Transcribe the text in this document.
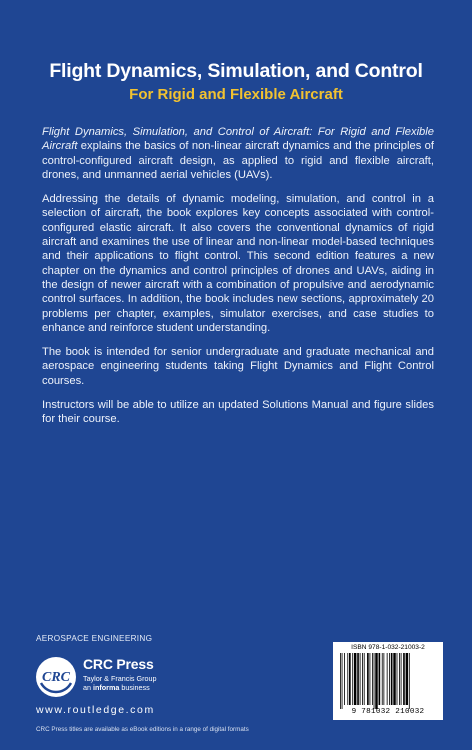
Flight Dynamics, Simulation, and Control
For Rigid and Flexible Aircraft

Flight Dynamics, Simulation, and Control of Aircraft: For Rigid and Flexible Aircraft explains the basics of non-linear aircraft dynamics and the principles of control-configured aircraft design, as applied to rigid and flexible aircraft, drones, and unmanned aerial vehicles (UAVs).

Addressing the details of dynamic modeling, simulation, and control in a selection of aircraft, the book explores key concepts associated with control-configured elastic aircraft. It also covers the conventional dynamics of rigid aircraft and examines the use of linear and non-linear model-based techniques and their applications to flight control. This second edition features a new chapter on the dynamics and control principles of drones and UAVs, aiding in the design of newer aircraft with a combination of propulsive and aerodynamic control surfaces. In addition, the book includes new sections, approximately 20 problems per chapter, examples, simulator exercises, and case studies to enhance and reinforce student understanding.

The book is intended for senior undergraduate and graduate mechanical and aerospace engineering students taking Flight Dynamics and Flight Control courses.

Instructors will be able to utilize an updated Solutions Manual and figure slides for their course.

AEROSPACE ENGINEERING
CRC
CRC Press
Taylor & Francis Group
an informa business
www.routledge.com
CRC Press titles are available as eBook editions in a range of digital formats
ISBN 978-1-032-21003-2
9 781032 210032
